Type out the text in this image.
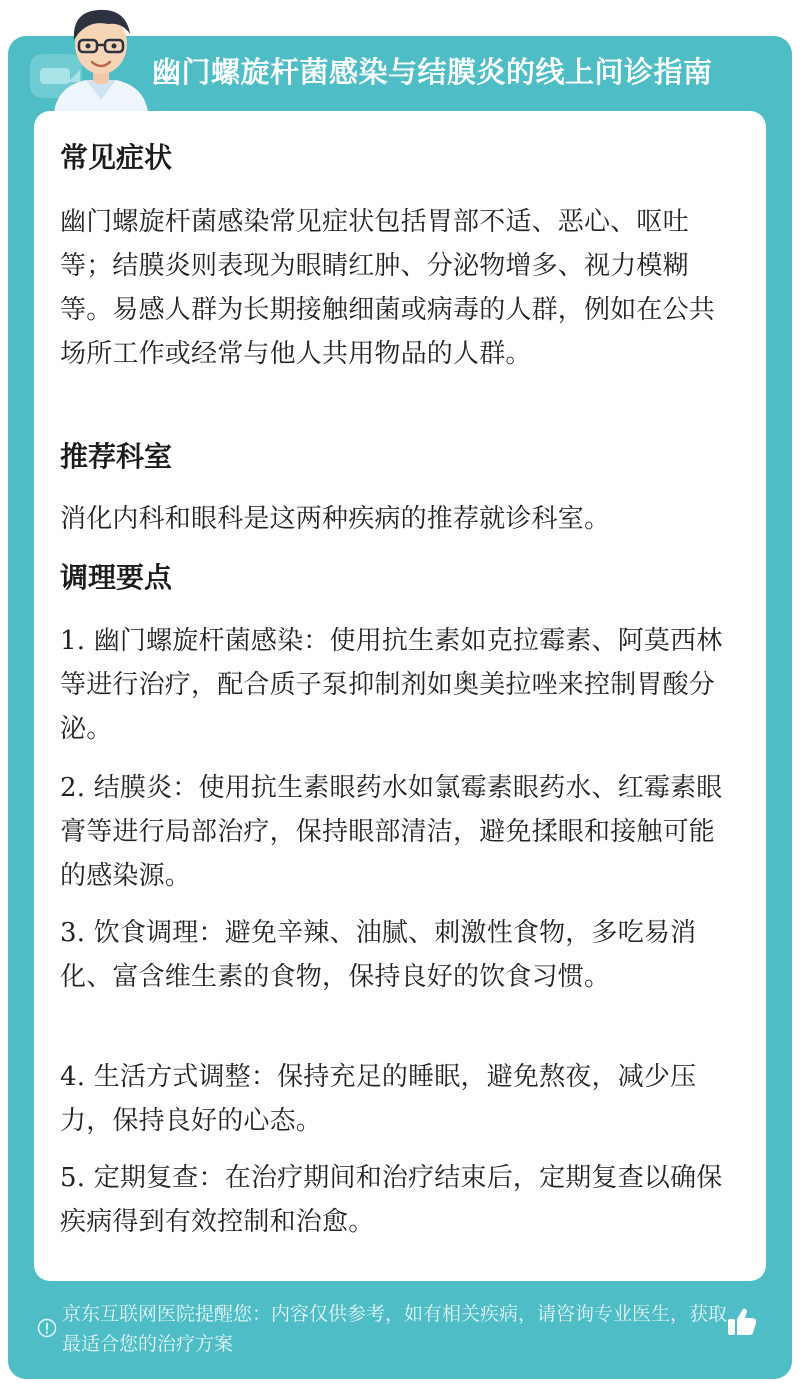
幽门螺旋杆菌感染与结膜炎的线上问诊指南
常见症状
幽门螺旋杆菌感染常见症状包括胃部不适、恶心、呕吐等；结膜炎则表现为眼睛红肿、分泌物增多、视力模糊等。易感人群为长期接触细菌或病毒的人群，例如在公共场所工作或经常与他人共用物品的人群。
推荐科室
消化内科和眼科是这两种疾病的推荐就诊科室。
调理要点
1. 幽门螺旋杆菌感染：使用抗生素如克拉霉素、阿莫西林等进行治疗，配合质子泵抑制剂如奥美拉唑来控制胃酸分泌。
2. 结膜炎：使用抗生素眼药水如氯霉素眼药水、红霉素眼膏等进行局部治疗，保持眼部清洁，避免揉眼和接触可能的感染源。
3. 饮食调理：避免辛辣、油腻、刺激性食物，多吃易消化、富含维生素的食物，保持良好的饮食习惯。
4. 生活方式调整：保持充足的睡眠，避免熬夜，减少压力，保持良好的心态。
5. 定期复查：在治疗期间和治疗结束后，定期复查以确保疾病得到有效控制和治愈。
京东互联网医院提醒您：内容仅供参考，如有相关疾病，请咨询专业医生，获取最适合您的治疗方案
